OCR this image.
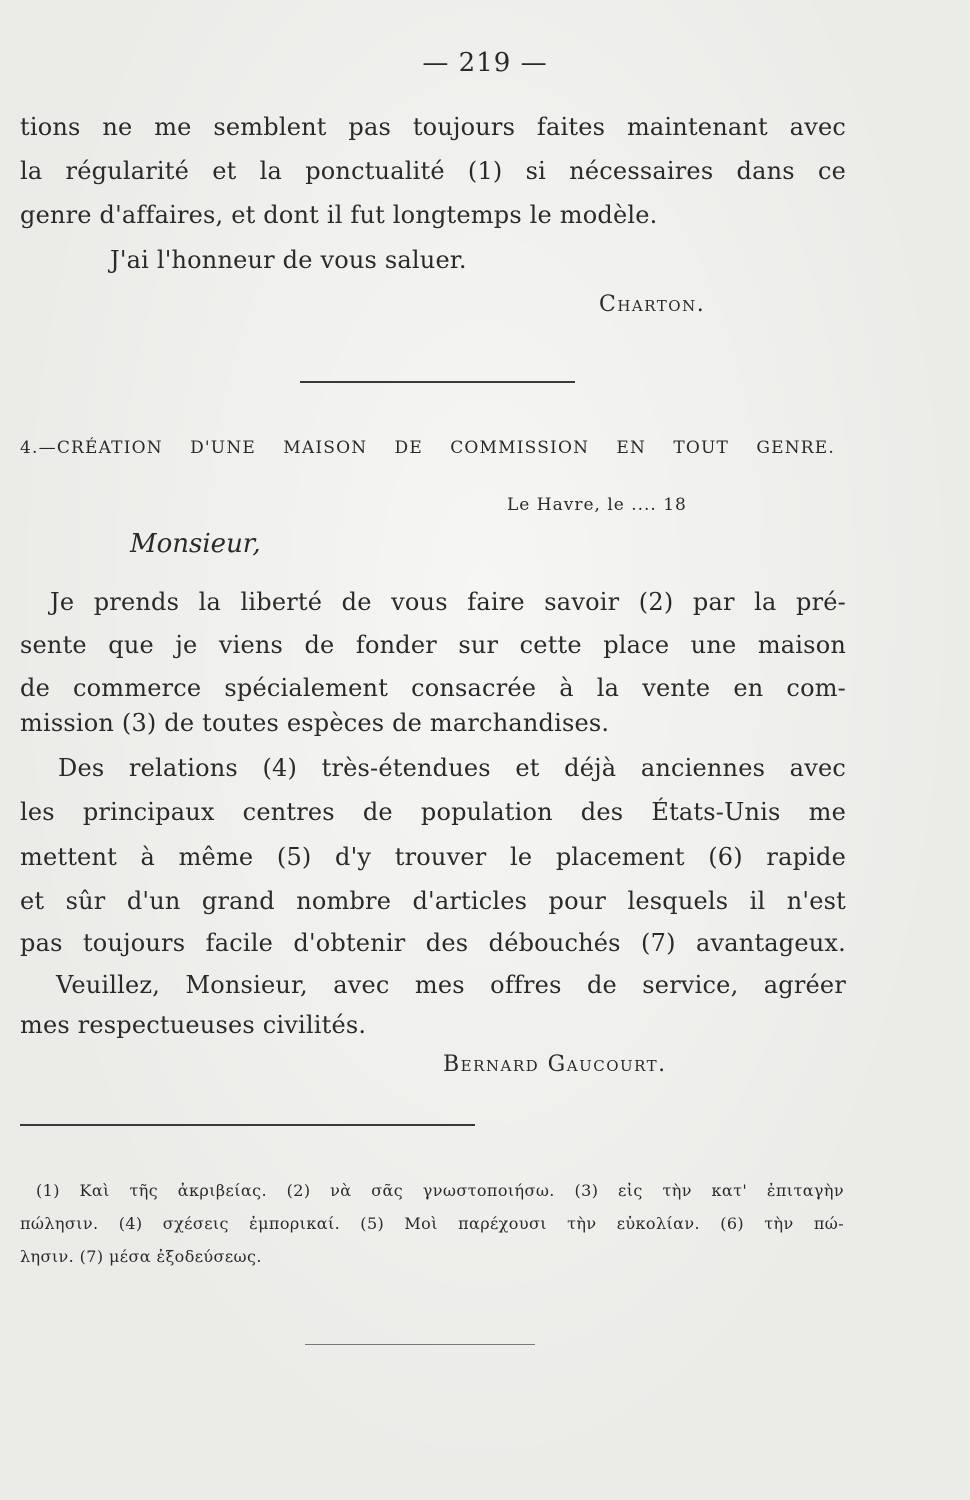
— 219 —
tions ne me semblent pas toujours faites maintenant avec
la régularité et la ponctualité (1) si nécessaires dans ce
genre d'affaires, et dont il fut longtemps le modèle.
J'ai l'honneur de vous saluer.
Charton.
4.—CRÉATION D'UNE MAISON DE COMMISSION EN TOUT GENRE.
Le Havre, le .... 18
Monsieur,
Je prends la liberté de vous faire savoir (2) par la pré-
sente que je viens de fonder sur cette place une maison
de commerce spécialement consacrée à la vente en com-
mission (3) de toutes espèces de marchandises.
Des relations (4) très-étendues et déjà anciennes avec
les principaux centres de population des États-Unis me
mettent à même (5) d'y trouver le placement (6) rapide
et sûr d'un grand nombre d'articles pour lesquels il n'est
pas toujours facile d'obtenir des débouchés (7) avantageux.
Veuillez, Monsieur, avec mes offres de service, agréer
mes respectueuses civilités.
Bernard Gaucourt.
(1) Καὶ τῆς ἀκριβείας. (2) νὰ σᾶς γνωστοποιήσω. (3) εἰς τὴν κατ' ἐπιταγὴν
πώλησιν. (4) σχέσεις ἐμπορικαί. (5) Μοὶ παρέχουσι τὴν εὐκολίαν. (6) τὴν πώ-
λησιν. (7) μέσα ἐξοδεύσεως.
